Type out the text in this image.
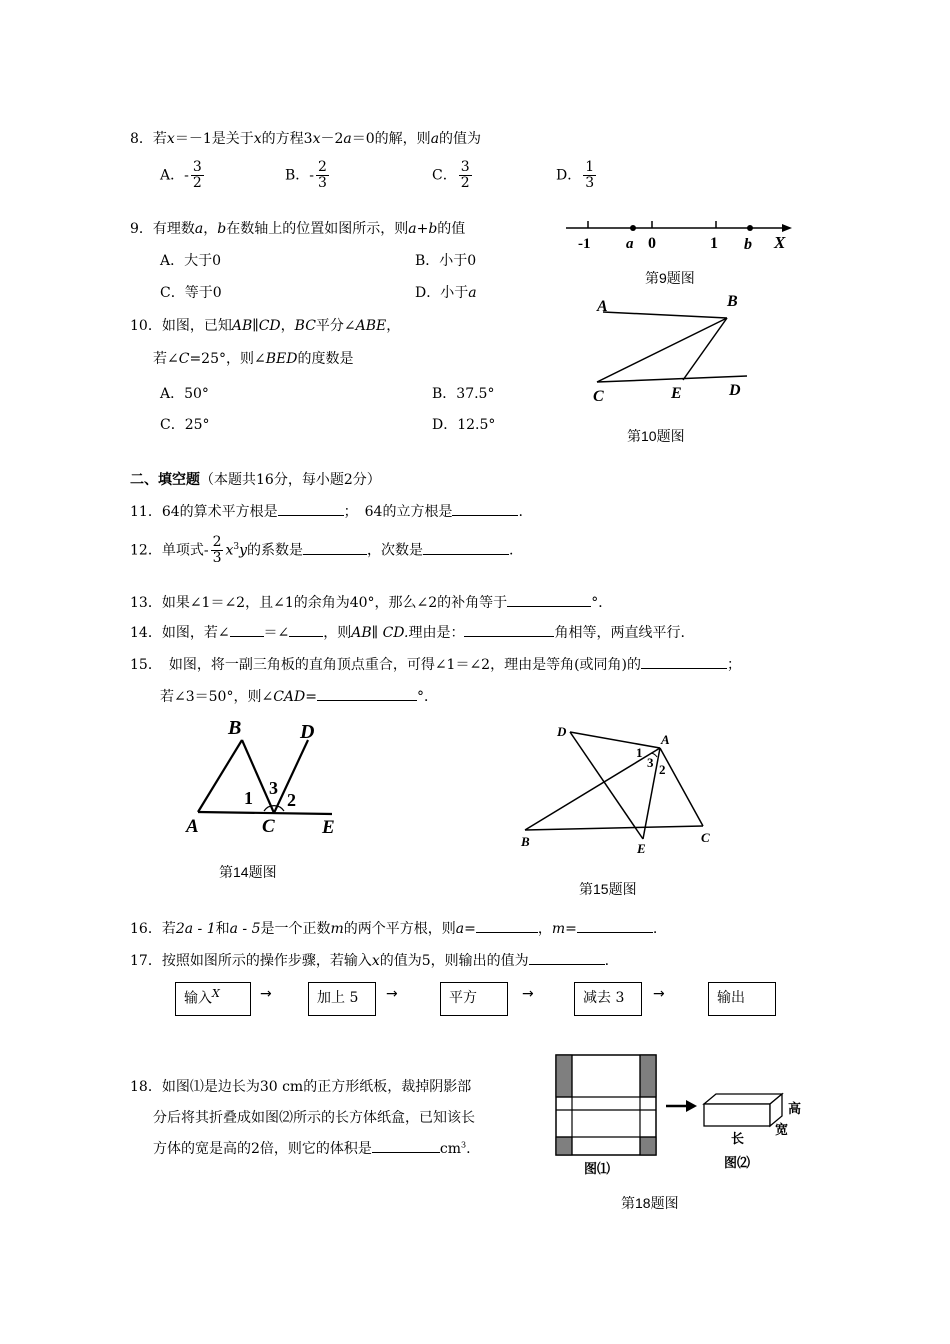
8．若x＝－1是关于x的方程3x－2a＝0的解，则a的值为
A．- $\frac{3}{2}$	B．- $\frac{2}{3}$	C． $\frac{3}{2}$	D． $\frac{1}{3}$
9．有理数a，b在数轴上的位置如图所示，则a+b的值
A．大于0	B．小于0
C．等于0	D．小于a
-1 a 0	1 b X
第9题图
10．如图，已知AB∥CD，BC平分∠ABE，
若∠C=25°，则∠BED的度数是
A．50°	B．37.5°
C．25°	D．12.5°
A	B
C	E	D
第10题图
二、填空题（本题共16分，每小题2分）
11．64的算术平方根是	；　64的立方根是	.
12．单项式- $\frac{2}{3} x^3y$的系数是	，次数是	.
13．如果∠1＝∠2，且∠1的余角为40°，那么∠2的补角等于	°．
14．如图，若∠ ＝∠ ，则AB∥ CD.理由是：	角相等，两直线平行.
15．　如图，将一副三角板的直角顶点重合，可得∠1＝∠2，理由是等角(或同角)的	；
若∠3＝50°，则∠CAD=	°．
B	D
1 3
2
A	C E
第14题图
D
A
1
3 2
B	E
C
第15题图
16．若2a - 1和a - 5是一个正数m的两个平方根，则a=	，m=	.
17．按照如图所示的操作步骤，若输入x的值为5，则输出的值为	.
输入$^X$	→	加上 5	→	平方	→	减去 3	→	输出
18．如图⑴是边长为30 cm的正方形纸板，裁掉阴影部
分后将其折叠成如图⑵所示的长方体纸盒，已知该长
方体的宽是高的2倍，则它的体积是	$cm^3$.
图⑴
高
宽
长
图⑵
第18题图
